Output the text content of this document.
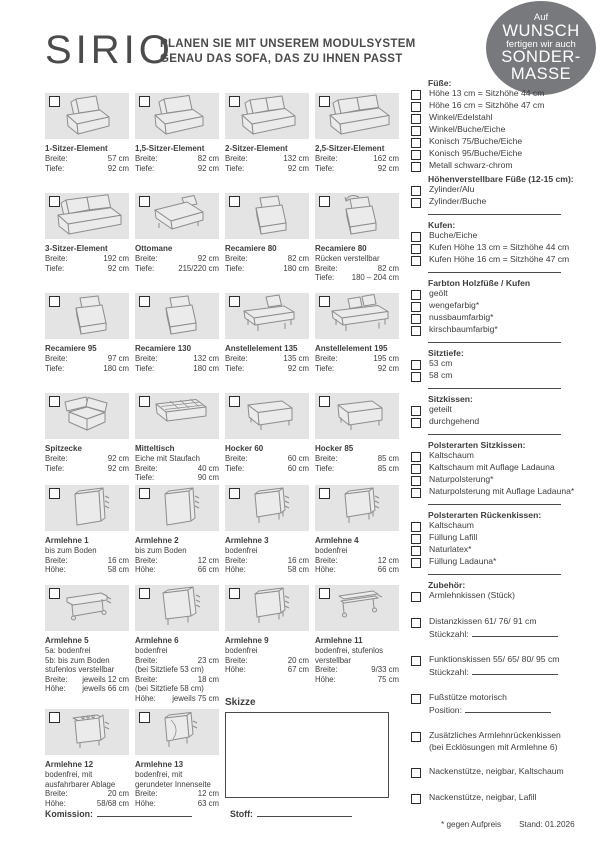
SIRIO
PLANEN SIE MIT UNSEREM MODULSYSTEM
GENAU DAS SOFA, DAS ZU IHNEN PASST
Auf
WUNSCH
fertigen wir auch
SONDER-
MASSE
1-Sitzer-Element
Breite:	57 cm
Tiefe:	92 cm
1,5-Sitzer-Element
Breite:	82 cm
Tiefe:	92 cm
2-Sitzer-Element
Breite:	132 cm
Tiefe:	92 cm
2,5-Sitzer-Element
Breite:	162 cm
Tiefe:	92 cm
3-Sitzer-Element
Breite:	192 cm
Tiefe:	92 cm
Ottomane
Breite:	92 cm
Tiefe:	215/220 cm
Recamiere 80
Breite:	82 cm
Tiefe:	180 cm
Recamiere 80
Rücken verstellbar
Breite:	82 cm
Tiefe: 180 – 204 cm
Recamiere 95
Breite:	97 cm
Tiefe:	180 cm
Recamiere 130
Breite:	132 cm
Tiefe:	180 cm
Anstellelement 135
Breite:	135 cm
Tiefe:	92 cm
Anstellelement 195
Breite:	195 cm
Tiefe:	92 cm
Spitzecke
Breite:	92 cm
Tiefe:	92 cm
Mitteltisch
Eiche mit Staufach
Breite:	40 cm
Tiefe:	90 cm
Hocker 60
Breite:	60 cm
Tiefe:	60 cm
Hocker 85
Breite:	85 cm
Tiefe:	85 cm
Armlehne 1
bis zum Boden
Breite:	16 cm
Höhe:	58 cm
Armlehne 2
bis zum Boden
Breite:	12 cm
Höhe:	66 cm
Armlehne 3
bodenfrei
Breite:	16 cm
Höhe:	58 cm
Armlehne 4
bodenfrei
Breite:	12 cm
Höhe:	66 cm
Armlehne 5
5a: bodenfrei
5b: bis zum Boden
stufenlos verstellbar
Breite: jeweils 12 cm
Höhe: jeweils 66 cm
Armlehne 6
bodenfrei
Breite:	23 cm
(bei Sitztiefe 53 cm)
Breite:	18 cm
(bei Sitztiefe 58 cm)
Höhe: jeweils 75 cm
Armlehne 9
bodenfrei
Breite:	20 cm
Höhe:	67 cm
Armlehne 11
bodenfrei, stufenlos
verstellbar
Breite:	9/33 cm
Höhe:	75 cm
Armlehne 12
bodenfrei, mit
ausfahrbarer Ablage
Breite:	20 cm
Höhe:	58/68 cm
Armlehne 13
bodenfrei, mit
gerundeter Innenseite
Breite:	12 cm
Höhe:	63 cm
Skizze
Füße:
Höhe 13 cm = Sitzhöhe 44 cm
Höhe 16 cm = Sitzhöhe 47 cm
Winkel/Edelstahl
Winkel/Buche/Eiche
Konisch 75/Buche/Eiche
Konisch 95/Buche/Eiche
Metall schwarz-chrom
Höhenverstellbare Füße (12-15 cm):
Zylinder/Alu
Zylinder/Buche
Kufen:
Buche/Eiche
Kufen Höhe 13 cm = Sitzhöhe 44 cm
Kufen Höhe 16 cm = Sitzhöhe 47 cm
Farbton Holzfüße / Kufen
geölt
wengefarbig*
nussbaumfarbig*
kirschbaumfarbig*
Sitztiefe:
53 cm
58 cm
Sitzkissen:
geteilt
durchgehend
Polsterarten Sitzkissen:
Kaltschaum
Kaltschaum mit Auflage Ladauna
Naturpolsterung*
Naturpolsterung mit Auflage Ladauna*
Polsterarten Rückenkissen:
Kaltschaum
Füllung Lafill
Naturlatex*
Füllung Ladauna*
Zubehör:
Armlehnkissen (Stück)
Distanzkissen 61/ 76/ 91 cm
Stückzahl:
Funktionskissen 55/ 65/ 80/ 95 cm
Stückzahl:
Fußstütze motorisch
Position:
Zusätzliches Armlehnrückenkissen
(bei Ecklösungen mit Armlehne 6)
Nackenstütze, neigbar, Kaltschaum
Nackenstütze, neigbar, Lafill
* gegen Aufpreis Stand: 01.2026
Komission:	Stoff:
